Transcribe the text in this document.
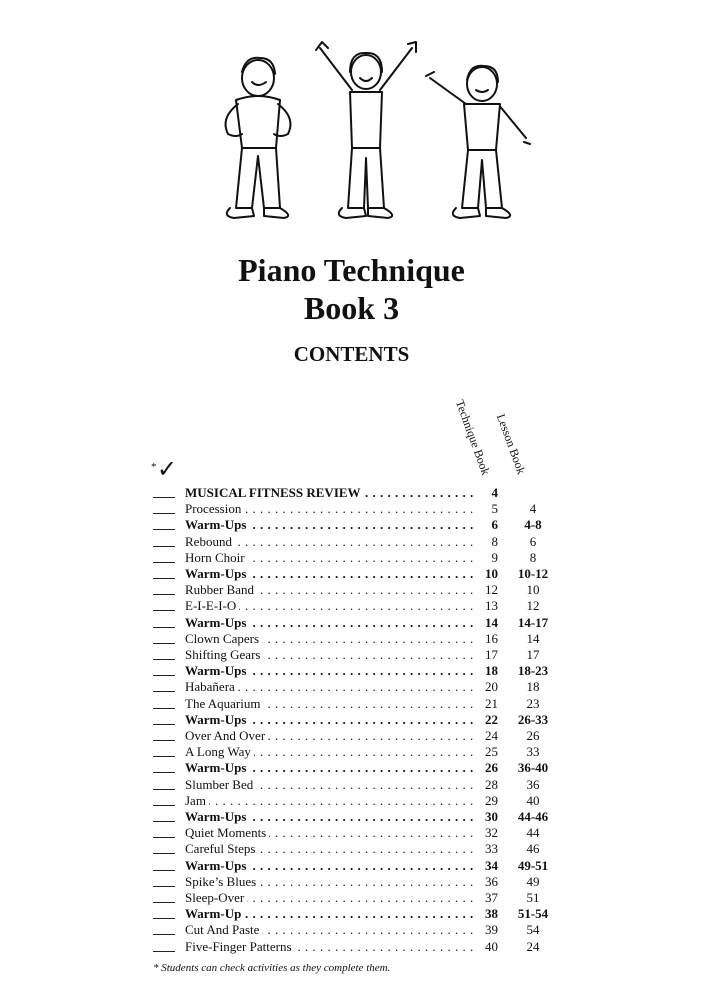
Piano Technique
Book 3
CONTENTS
Technique Book Lesson Book
* ✓
MUSICAL FITNESS REVIEW . . .	4
Procession . . .	5	4
Warm-Ups . . .	6	4-8
Rebound . . .	8	6
Horn Choir . . .	9	8
Warm-Ups . . .	10	10-12
Rubber Band . . .	12	10
E-I-E-I-O . . .	13	12
Warm-Ups . . .	14	14-17
Clown Capers . . .	16	14
Shifting Gears . . .	17	17
Warm-Ups . . .	18	18-23
Habañera . . .	20	18
The Aquarium . . .	21	23
Warm-Ups . . .	22	26-33
Over And Over . . .	24	26
A Long Way . . .	25	33
Warm-Ups . . .	26	36-40
Slumber Bed . . .	28	36
Jam . . .	29	40
Warm-Ups . . .	30	44-46
Quiet Moments . . .	32	44
Careful Steps . . .	33	46
Warm-Ups . . .	34	49-51
Spike’s Blues . . .	36	49
Sleep-Over . . .	37	51
Warm-Up . . .	38	51-54
Cut And Paste . . .	39	54
Five-Finger Patterns . . .	40	24
* Students can check activities as they complete them.
